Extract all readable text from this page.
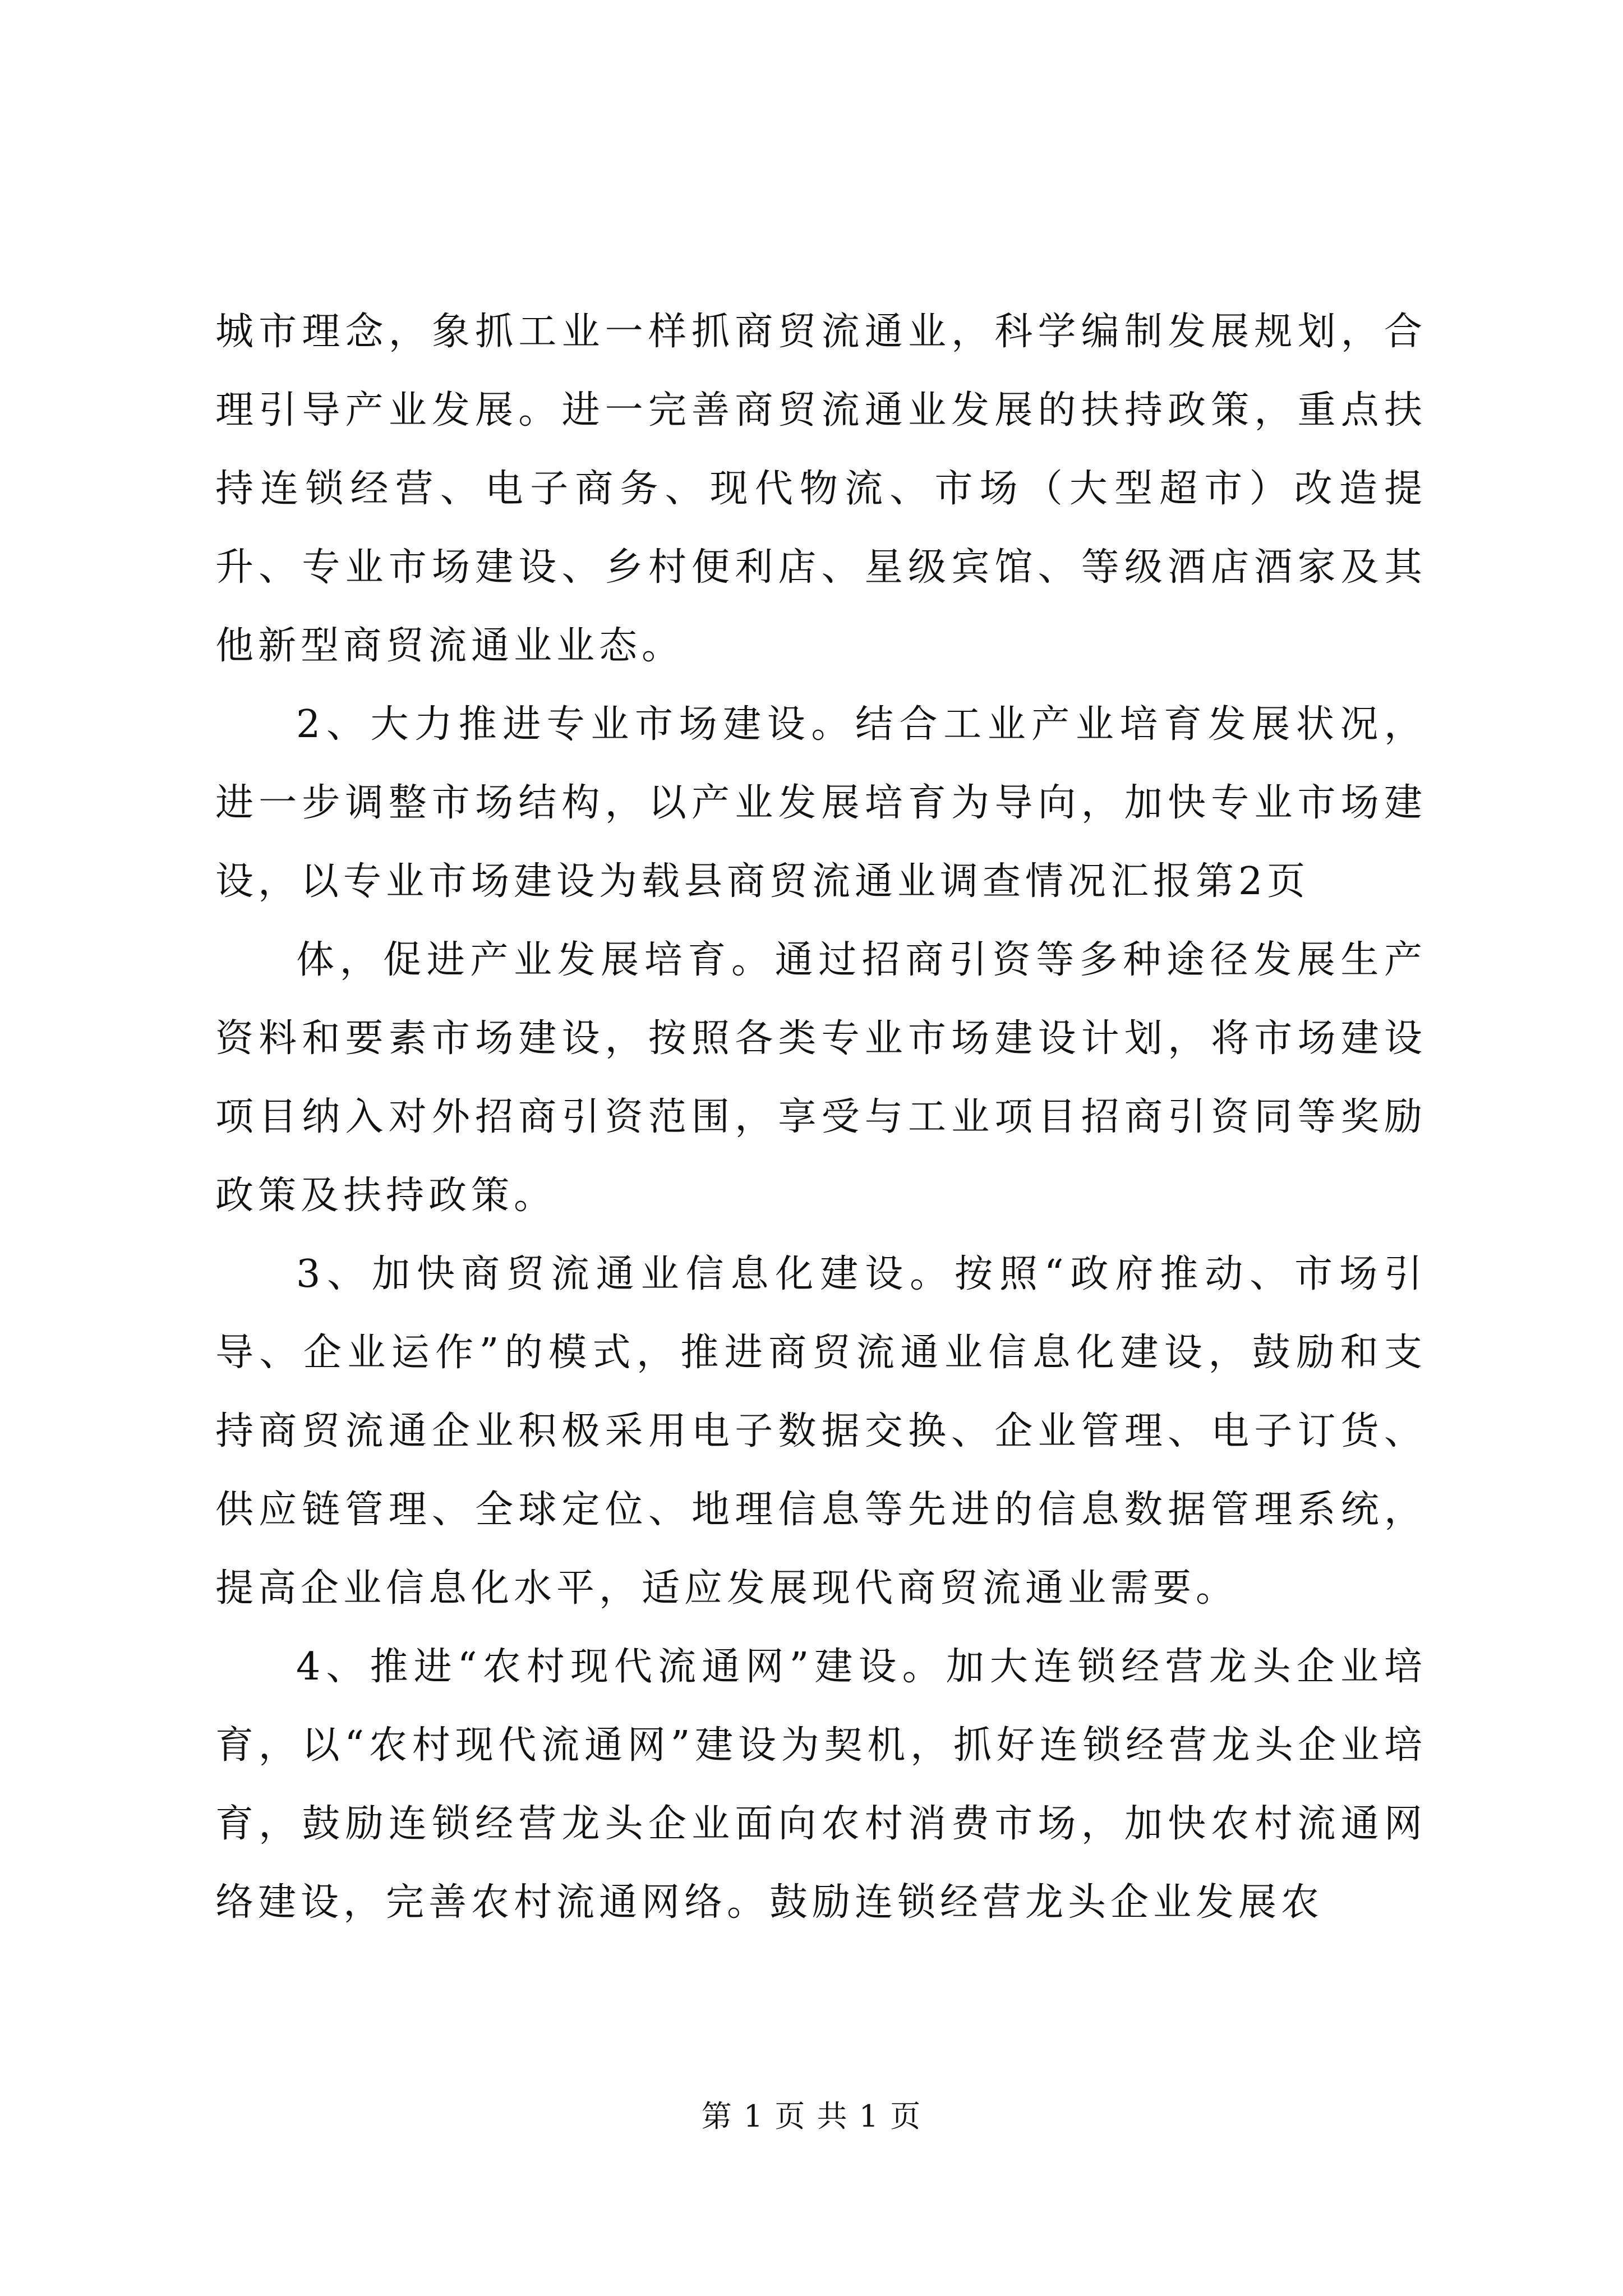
城市理念，象抓工业一样抓商贸流通业，科学编制发展规划，合理引导产业发展。进一完善商贸流通业发展的扶持政策，重点扶持连锁经营、电子商务、现代物流、市场（大型超市）改造提升、专业市场建设、乡村便利店、星级宾馆、等级酒店酒家及其他新型商贸流通业业态。

2、大力推进专业市场建设。结合工业产业培育发展状况，进一步调整市场结构，以产业发展培育为导向，加快专业市场建设，以专业市场建设为载县商贸流通业调查情况汇报第2页

体，促进产业发展培育。通过招商引资等多种途径发展生产资料和要素市场建设，按照各类专业市场建设计划，将市场建设项目纳入对外招商引资范围，享受与工业项目招商引资同等奖励政策及扶持政策。

3、加快商贸流通业信息化建设。按照“政府推动、市场引导、企业运作”的模式，推进商贸流通业信息化建设，鼓励和支持商贸流通企业积极采用电子数据交换、企业管理、电子订货、供应链管理、全球定位、地理信息等先进的信息数据管理系统，提高企业信息化水平，适应发展现代商贸流通业需要。

4、推进“农村现代流通网”建设。加大连锁经营龙头企业培育，以“农村现代流通网”建设为契机，抓好连锁经营龙头企业培育，鼓励连锁经营龙头企业面向农村消费市场，加快农村流通网络建设，完善农村流通网络。鼓励连锁经营龙头企业发展农

第 1 页 共 1 页
